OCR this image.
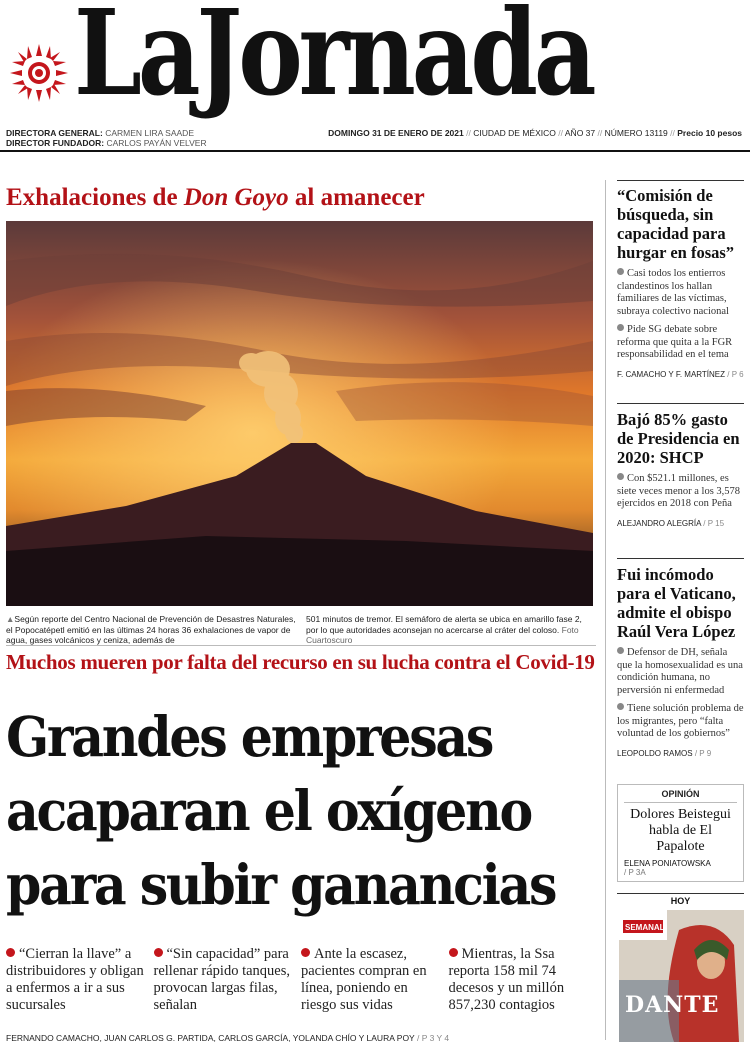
LaJornada
DIRECTORA GENERAL: CARMEN LIRA SAADE
DIRECTOR FUNDADOR: CARLOS PAYÁN VELVER
DOMINGO 31 DE ENERO DE 2021 // CIUDAD DE MÉXICO // AÑO 37 // NÚMERO 13119 // Precio 10 pesos
Exhalaciones de Don Goyo al amanecer
▲Según reporte del Centro Nacional de Prevención de Desastres Naturales, el Popocatépetl emitió en las últimas 24 horas 36 exhalaciones de vapor de agua, gases volcánicos y ceniza, además de
501 minutos de tremor. El semáforo de alerta se ubica en amarillo fase 2, por lo que autoridades aconsejan no acercarse al cráter del coloso. Foto Cuartoscuro
Muchos mueren por falta del recurso en su lucha contra el Covid-19
Grandes empresas
acaparan el oxígeno
para subir ganancias
“Cierran la llave” a distribuidores y obligan a enfermos a ir a sus sucursales
“Sin capacidad” para rellenar rápido tanques, provocan largas filas, señalan
Ante la escasez, pacientes compran en línea, poniendo en riesgo sus vidas
Mientras, la Ssa reporta 158 mil 74 decesos y un millón 857,230 contagios
FERNANDO CAMACHO, JUAN CARLOS G. PARTIDA, CARLOS GARCÍA, YOLANDA CHÍO Y LAURA POY / P 3 Y 4
“Comisión de búsqueda, sin capacidad para hurgar en fosas”

Casi todos los entierros clandestinos los hallan familiares de las víctimas, subraya colectivo nacional

Pide SG debate sobre reforma que quita a la FGR responsabilidad en el tema

F. CAMACHO Y F. MARTÍNEZ / P 6
Bajó 85% gasto de Presidencia en 2020: SHCP

Con $521.1 millones, es siete veces menor a los 3,578 ejercidos en 2018 con Peña

ALEJANDRO ALEGRÍA / P 15
Fui incómodo para el Vaticano, admite el obispo Raúl Vera López

Defensor de DH, señala que la homosexualidad es una condición humana, no perversión ni enfermedad

Tiene solución problema de los migrantes, pero “falta voluntad de los gobiernos”

LEOPOLDO RAMOS / P 9
OPINIÓN
Dolores Beistegui habla de El Papalote
ELENA PONIATOWSKA
/ P 3A
HOY
SEMANAL
DANTE
